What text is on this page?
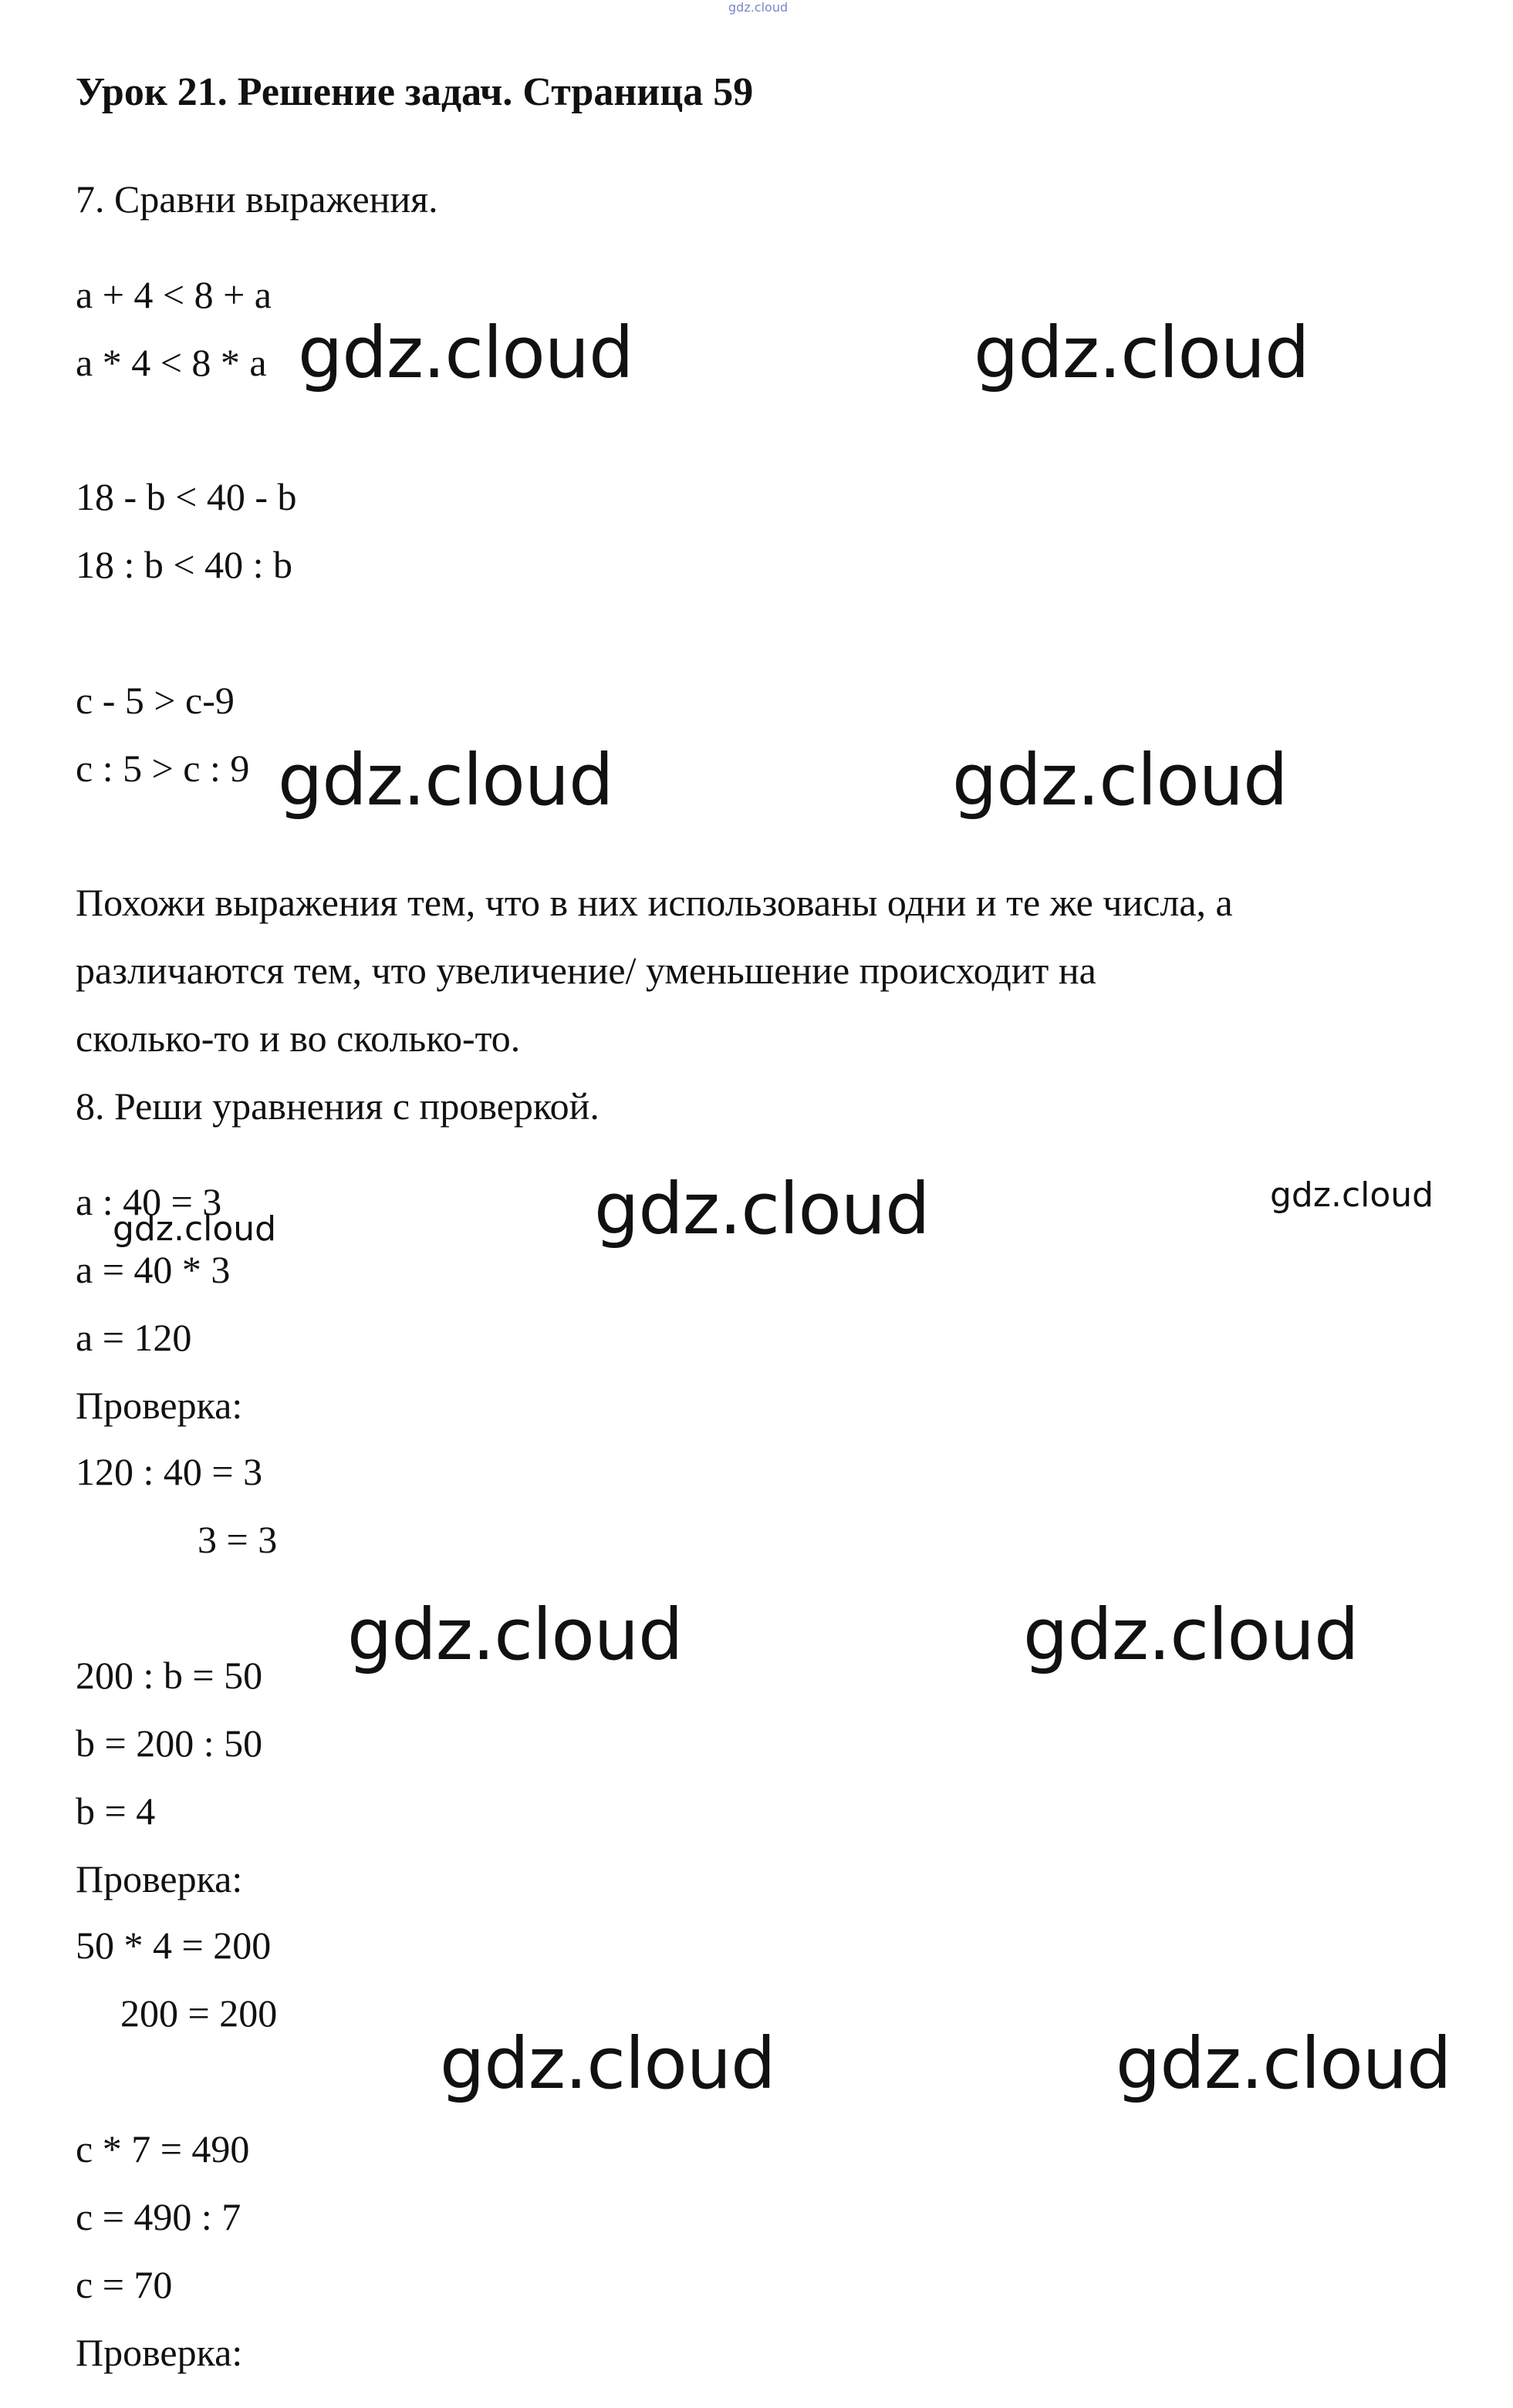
gdz.cloud
Урок 21. Решение задач. Страница 59
7. Сравни выражения.
a + 4 < 8 + a
a * 4 < 8 * a
18 - b < 40 - b
18 : b < 40 : b
c - 5 > c-9
c : 5 > c : 9
Похожи выражения тем, что в них использованы одни и те же числа, а
различаются тем, что увеличение/ уменьшение происходит на
сколько-то и во сколько-то.
8. Реши уравнения с проверкой.
a : 40 = 3
a = 40 * 3
a = 120
Проверка:
120 : 40 = 3
3 = 3
200 : b = 50
b = 200 : 50
b = 4
Проверка:
50 * 4 = 200
200 = 200
c * 7 = 490
c = 490 : 7
c = 70
Проверка:
gdz.cloud	gdz.cloud
gdz.cloud	gdz.cloud
gdz.cloud	gdz.cloud	gdz.cloud
gdz.cloud	gdz.cloud
gdz.cloud	gdz.cloud
